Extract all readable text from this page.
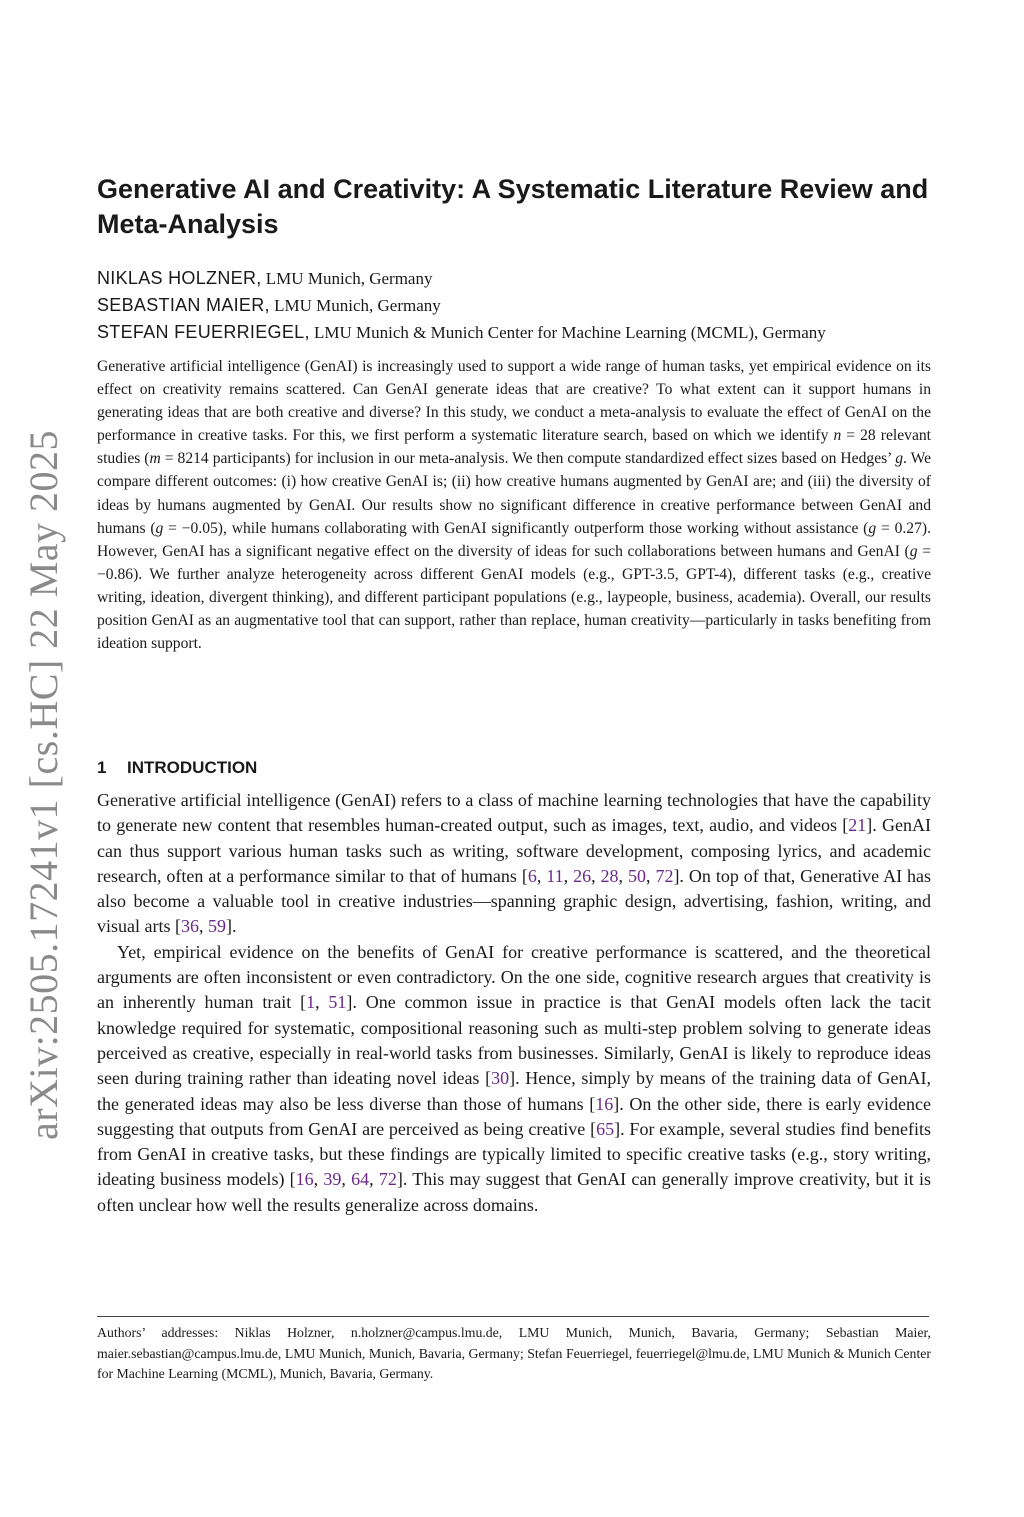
arXiv:2505.17241v1 [cs.HC] 22 May 2025
Generative AI and Creativity: A Systematic Literature Review and Meta-Analysis
NIKLAS HOLZNER, LMU Munich, Germany
SEBASTIAN MAIER, LMU Munich, Germany
STEFAN FEUERRIEGEL, LMU Munich & Munich Center for Machine Learning (MCML), Germany

Generative artificial intelligence (GenAI) is increasingly used to support a wide range of human tasks, yet empirical evidence on its effect on creativity remains scattered. Can GenAI generate ideas that are creative? To what extent can it support humans in generating ideas that are both creative and diverse? In this study, we conduct a meta-analysis to evaluate the effect of GenAI on the performance in creative tasks. For this, we first perform a systematic literature search, based on which we identify n = 28 relevant studies (m = 8214 participants) for inclusion in our meta-analysis. We then compute standardized effect sizes based on Hedges’ g. We compare different outcomes: (i) how creative GenAI is; (ii) how creative humans augmented by GenAI are; and (iii) the diversity of ideas by humans augmented by GenAI. Our results show no significant difference in creative performance between GenAI and humans (g = −0.05), while humans collaborating with GenAI significantly outperform those working without assistance (g = 0.27). However, GenAI has a significant negative effect on the diversity of ideas for such collaborations between humans and GenAI (g = −0.86). We further analyze heterogeneity across different GenAI models (e.g., GPT-3.5, GPT-4), different tasks (e.g., creative writing, ideation, divergent thinking), and different participant populations (e.g., laypeople, business, academia). Overall, our results position GenAI as an augmentative tool that can support, rather than replace, human creativity—particularly in tasks benefiting from ideation support.

1 INTRODUCTION

Generative artificial intelligence (GenAI) refers to a class of machine learning technologies that have the capability to generate new content that resembles human-created output, such as images, text, audio, and videos [21]. GenAI can thus support various human tasks such as writing, software development, composing lyrics, and academic research, often at a performance similar to that of humans [6, 11, 26, 28, 50, 72]. On top of that, Generative AI has also become a valuable tool in creative industries—spanning graphic design, advertising, fashion, writing, and visual arts [36, 59].

Yet, empirical evidence on the benefits of GenAI for creative performance is scattered, and the theoretical arguments are often inconsistent or even contradictory. On the one side, cognitive research argues that creativity is an inherently human trait [1, 51]. One common issue in practice is that GenAI models often lack the tacit knowledge required for systematic, compositional reasoning such as multi-step problem solving to generate ideas perceived as creative, especially in real-world tasks from businesses. Similarly, GenAI is likely to reproduce ideas seen during training rather than ideating novel ideas [30]. Hence, simply by means of the training data of GenAI, the generated ideas may also be less diverse than those of humans [16]. On the other side, there is early evidence suggesting that outputs from GenAI are perceived as being creative [65]. For example, several studies find benefits from GenAI in creative tasks, but these findings are typically limited to specific creative tasks (e.g., story writing, ideating business models) [16, 39, 64, 72]. This may suggest that GenAI can generally improve creativity, but it is often unclear how well the results generalize across domains.

Authors’ addresses: Niklas Holzner, n.holzner@campus.lmu.de, LMU Munich, Munich, Bavaria, Germany; Sebastian Maier, maier.sebastian@campus.lmu.de, LMU Munich, Munich, Bavaria, Germany; Stefan Feuerriegel, feuerriegel@lmu.de, LMU Munich & Munich Center for Machine Learning (MCML), Munich, Bavaria, Germany.
